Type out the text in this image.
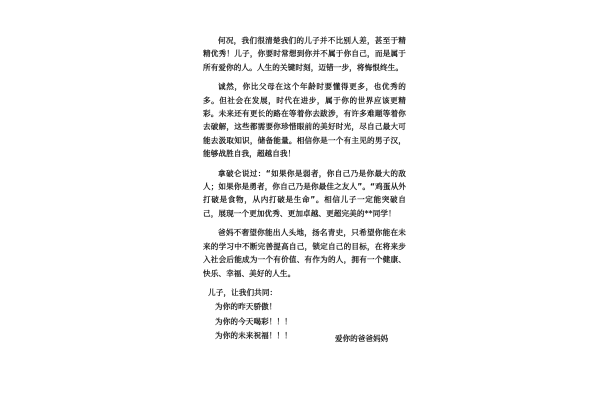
何况，我们很清楚我们的儿子并不比别人差，甚至于精精优秀！儿子，你要时常想到你并不属于你自己，而是属于所有爱你的人。人生的关键时刻，迈错一步，将悔恨终生。

诚然，你比父母在这个年龄时要懂得更多，也优秀的多。但社会在发展，时代在进步，属于你的世界应该更精彩。未来还有更长的路在等着你去跋涉，有许多难题等着你去破解，这些都需要你珍惜眼前的美好时光，尽自己最大可能去汲取知识，储备能量。相信你是一个有主见的男子汉，能够战胜自我，超越自我！

拿破仑说过：“如果你是弱者，你自己乃是你最大的敌人；如果你是勇者，你自己乃是你最佳之友人”。“鸡蛋从外打破是食物，从内打破是生命”。相信儿子一定能突破自己，展现一个更加优秀、更加卓越、更超完美的**同学！

爸妈不奢望你能出人头地，扬名青史，只希望你能在未来的学习中不断完善提高自己，锁定自己的目标，在将来步入社会后能成为一个有价值、有作为的人，拥有一个健康、快乐、幸福、美好的人生。

儿子，让我们共同：

为你的昨天骄傲！

为你的今天喝彩！！！

为你的未来祝福！！！	爱你的爸爸妈妈
